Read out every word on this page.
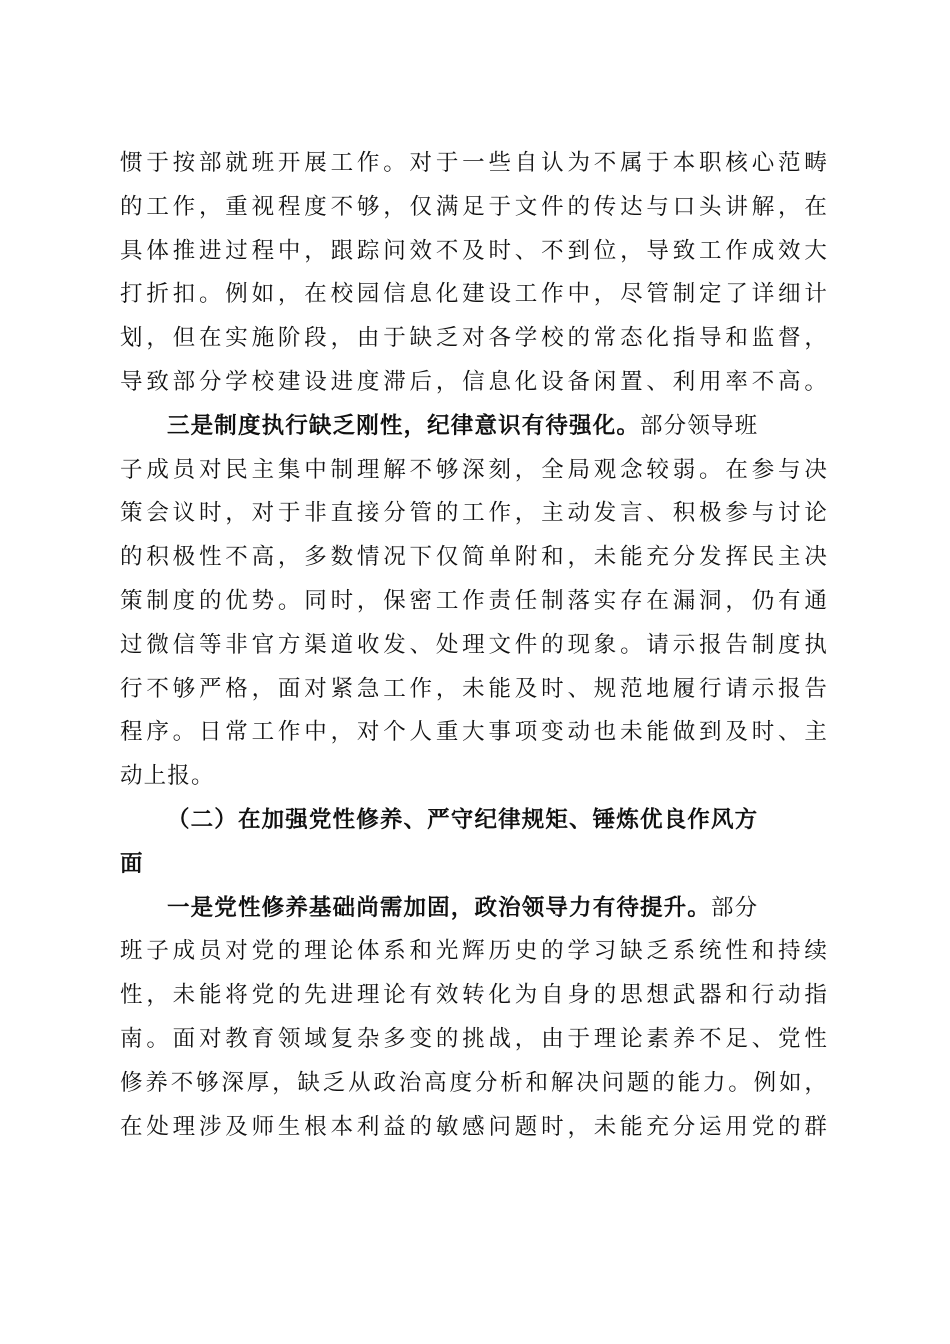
惯于按部就班开展工作。对于一些自认为不属于本职核心范畴
的工作，重视程度不够，仅满足于文件的传达与口头讲解，在
具体推进过程中，跟踪问效不及时、不到位，导致工作成效大
打折扣。例如，在校园信息化建设工作中，尽管制定了详细计
划，但在实施阶段，由于缺乏对各学校的常态化指导和监督，
导致部分学校建设进度滞后，信息化设备闲置、利用率不高。
三是制度执行缺乏刚性，纪律意识有待强化。部分领导班
子成员对民主集中制理解不够深刻，全局观念较弱。在参与决
策会议时，对于非直接分管的工作，主动发言、积极参与讨论
的积极性不高，多数情况下仅简单附和，未能充分发挥民主决
策制度的优势。同时，保密工作责任制落实存在漏洞，仍有通
过微信等非官方渠道收发、处理文件的现象。请示报告制度执
行不够严格，面对紧急工作，未能及时、规范地履行请示报告
程序。日常工作中，对个人重大事项变动也未能做到及时、主
动上报。
（二）在加强党性修养、严守纪律规矩、锤炼优良作风方
面
一是党性修养基础尚需加固，政治领导力有待提升。部分
班子成员对党的理论体系和光辉历史的学习缺乏系统性和持续
性，未能将党的先进理论有效转化为自身的思想武器和行动指
南。面对教育领域复杂多变的挑战，由于理论素养不足、党性
修养不够深厚，缺乏从政治高度分析和解决问题的能力。例如，
在处理涉及师生根本利益的敏感问题时，未能充分运用党的群
